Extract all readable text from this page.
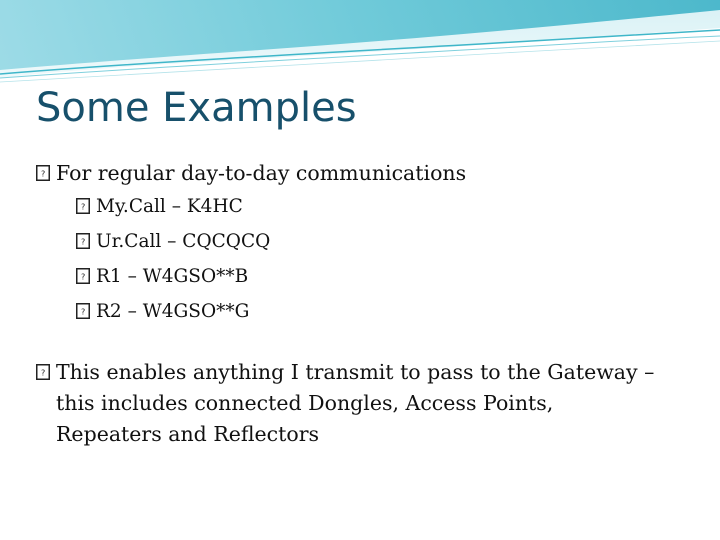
Some Examples
? For regular day-to-day communications
? My.Call – K4HC
? Ur.Call – CQCQCQ
? R1 – W4GSO**B
? R2 – W4GSO**G
? This enables anything I transmit to pass to the Gateway – this includes connected Dongles, Access Points, Repeaters and Reflectors
